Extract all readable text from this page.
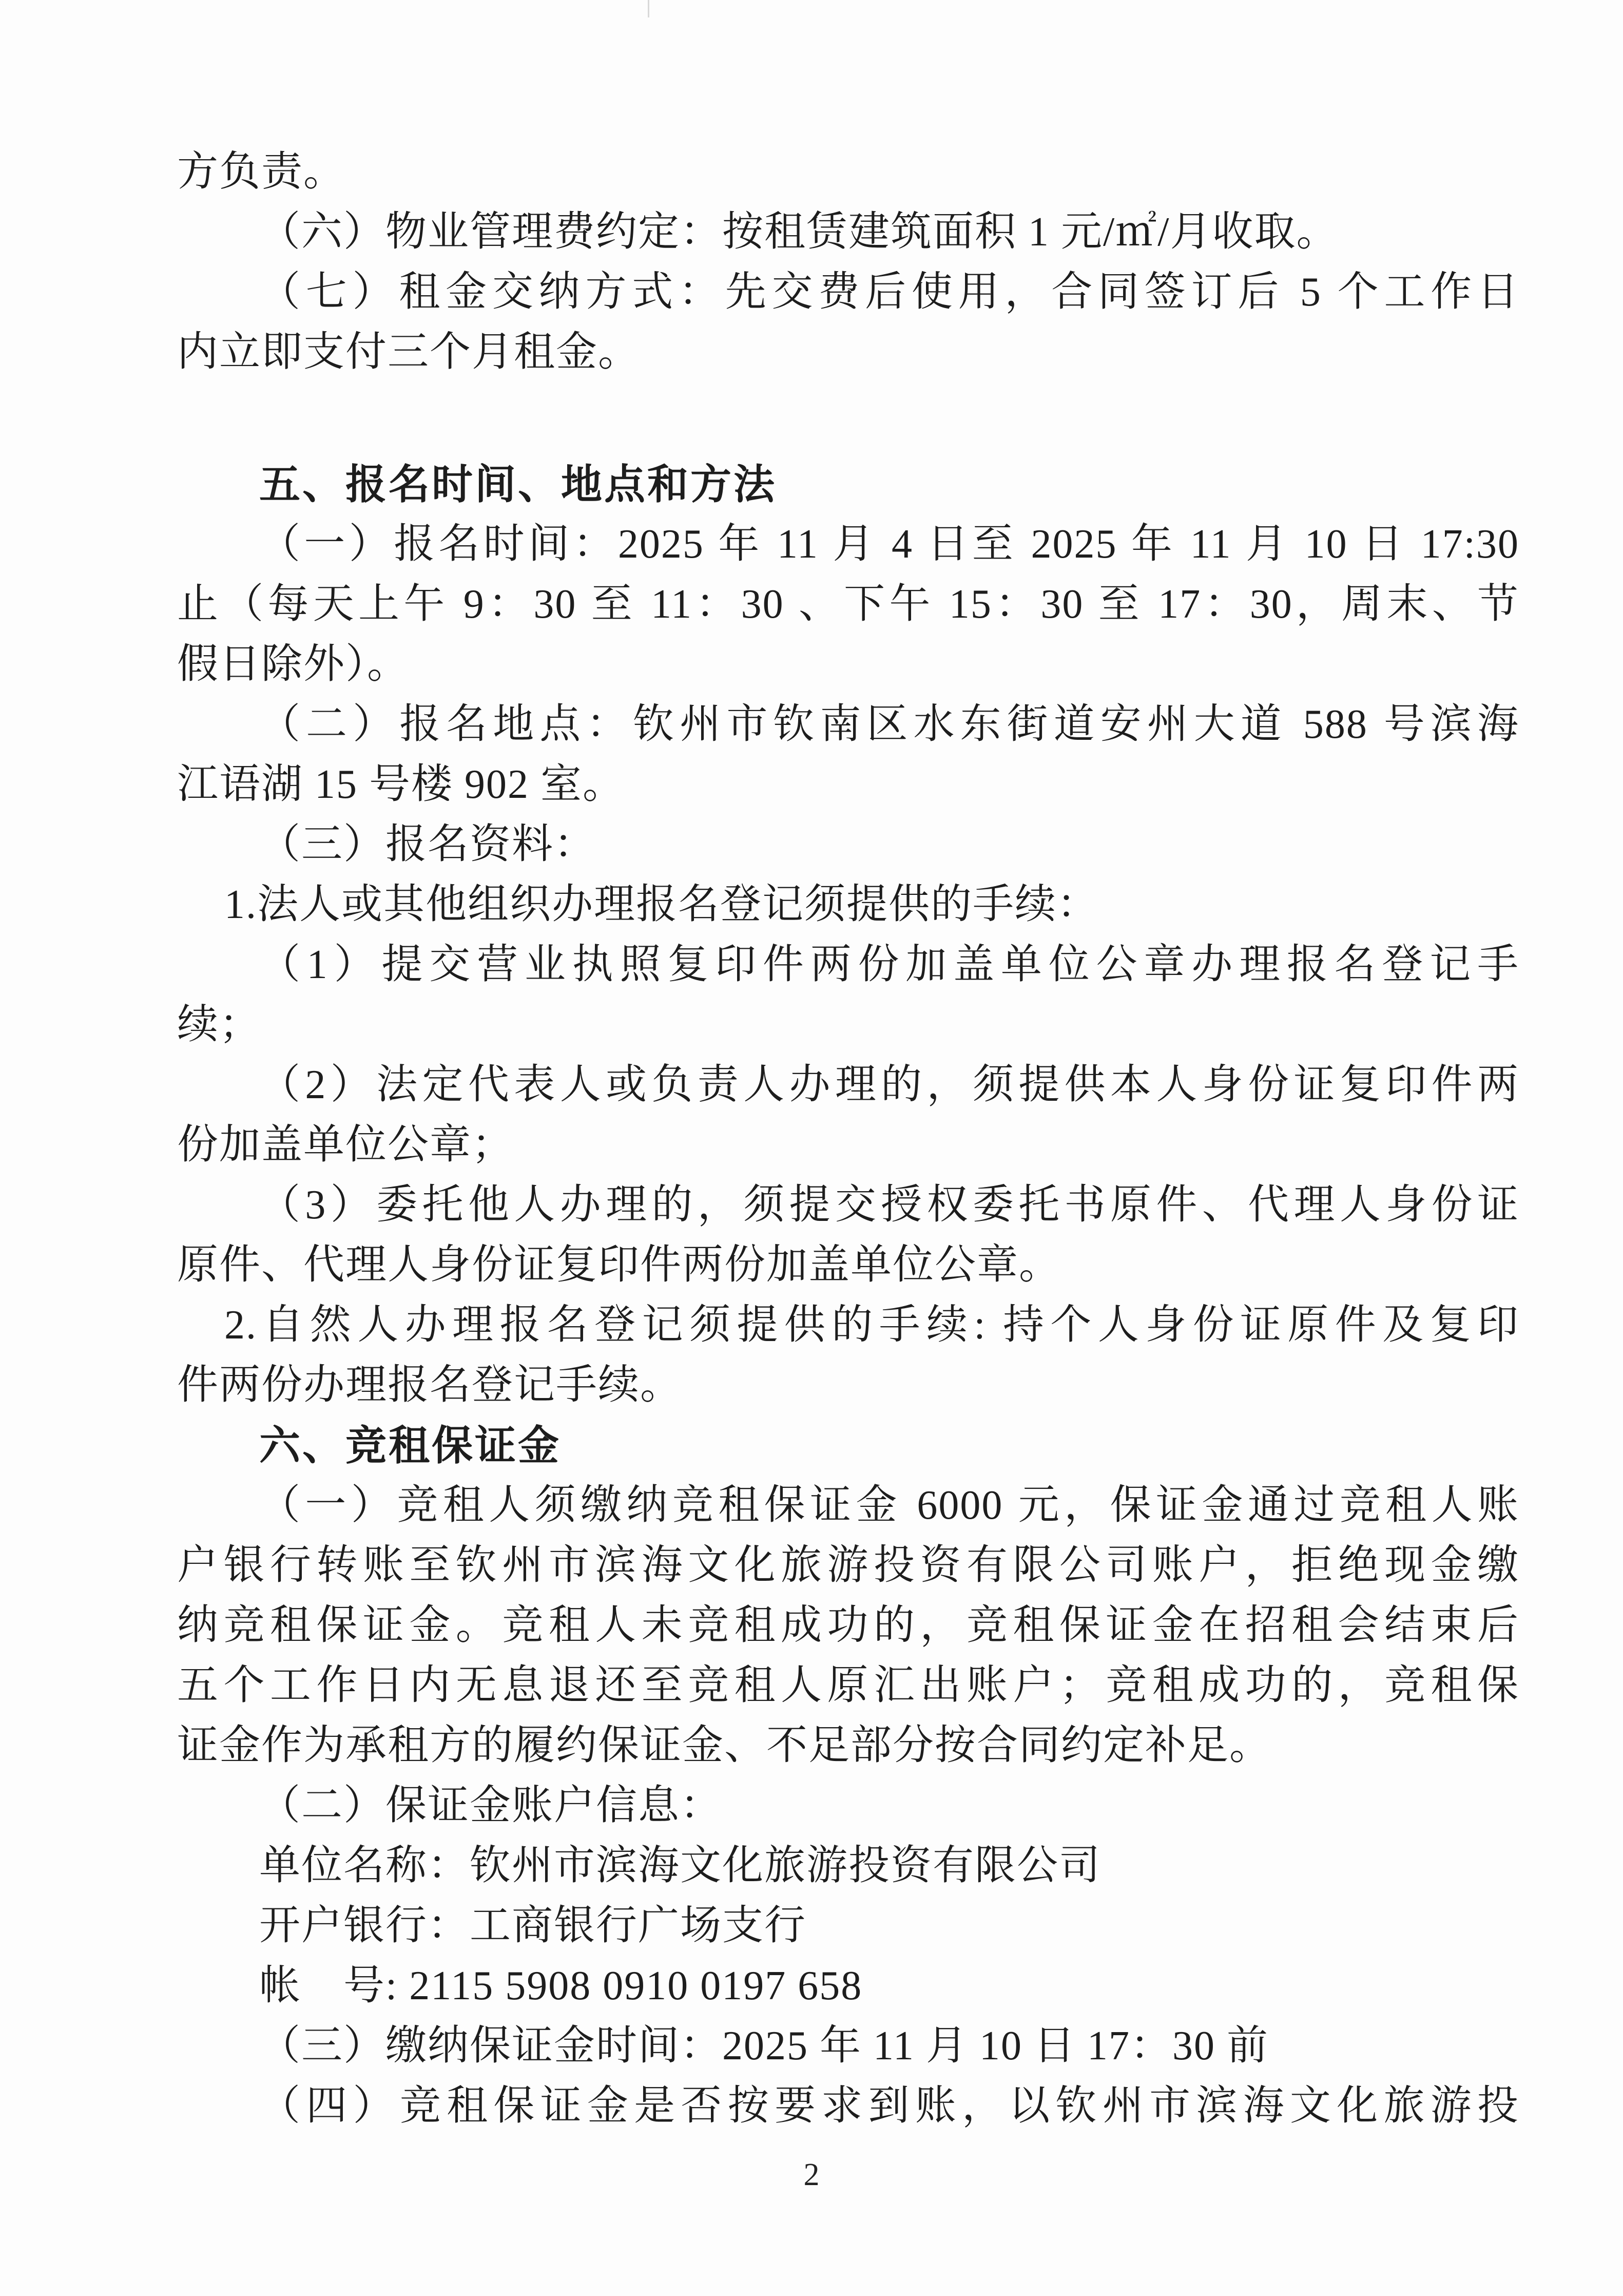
方负责。

（六）物业管理费约定：按租赁建筑面积 1 元/㎡/月收取。

（七）租金交纳方式：先交费后使用，合同签订后 5 个工作日

内立即支付三个月租金。

五、报名时间、地点和方法

（一）报名时间：2025 年 11 月 4 日至 2025 年 11 月 10 日 17:30

止（每天上午 9：30 至 11：30 、下午 15：30 至 17：30，周末、节

假日除外）。

（二）报名地点：钦州市钦南区水东街道安州大道 588 号滨海

江语湖 15 号楼 902 室。

（三）报名资料：

1.法人或其他组织办理报名登记须提供的手续：

（1）提交营业执照复印件两份加盖单位公章办理报名登记手

续；

（2）法定代表人或负责人办理的，须提供本人身份证复印件两

份加盖单位公章；

（3）委托他人办理的，须提交授权委托书原件、代理人身份证

原件、代理人身份证复印件两份加盖单位公章。

2.自然人办理报名登记须提供的手续: 持个人身份证原件及复印

件两份办理报名登记手续。

六、竞租保证金

（一）竞租人须缴纳竞租保证金 6000 元，保证金通过竞租人账

户银行转账至钦州市滨海文化旅游投资有限公司账户，拒绝现金缴

纳竞租保证金。竞租人未竞租成功的，竞租保证金在招租会结束后

五个工作日内无息退还至竞租人原汇出账户；竞租成功的，竞租保

证金作为承租方的履约保证金、不足部分按合同约定补足。

（二）保证金账户信息：

单位名称：钦州市滨海文化旅游投资有限公司

开户银行：工商银行广场支行

帐　号: 2115 5908 0910 0197 658

（三）缴纳保证金时间：2025 年 11 月 10 日 17：30 前

（四）竞租保证金是否按要求到账，以钦州市滨海文化旅游投

2
